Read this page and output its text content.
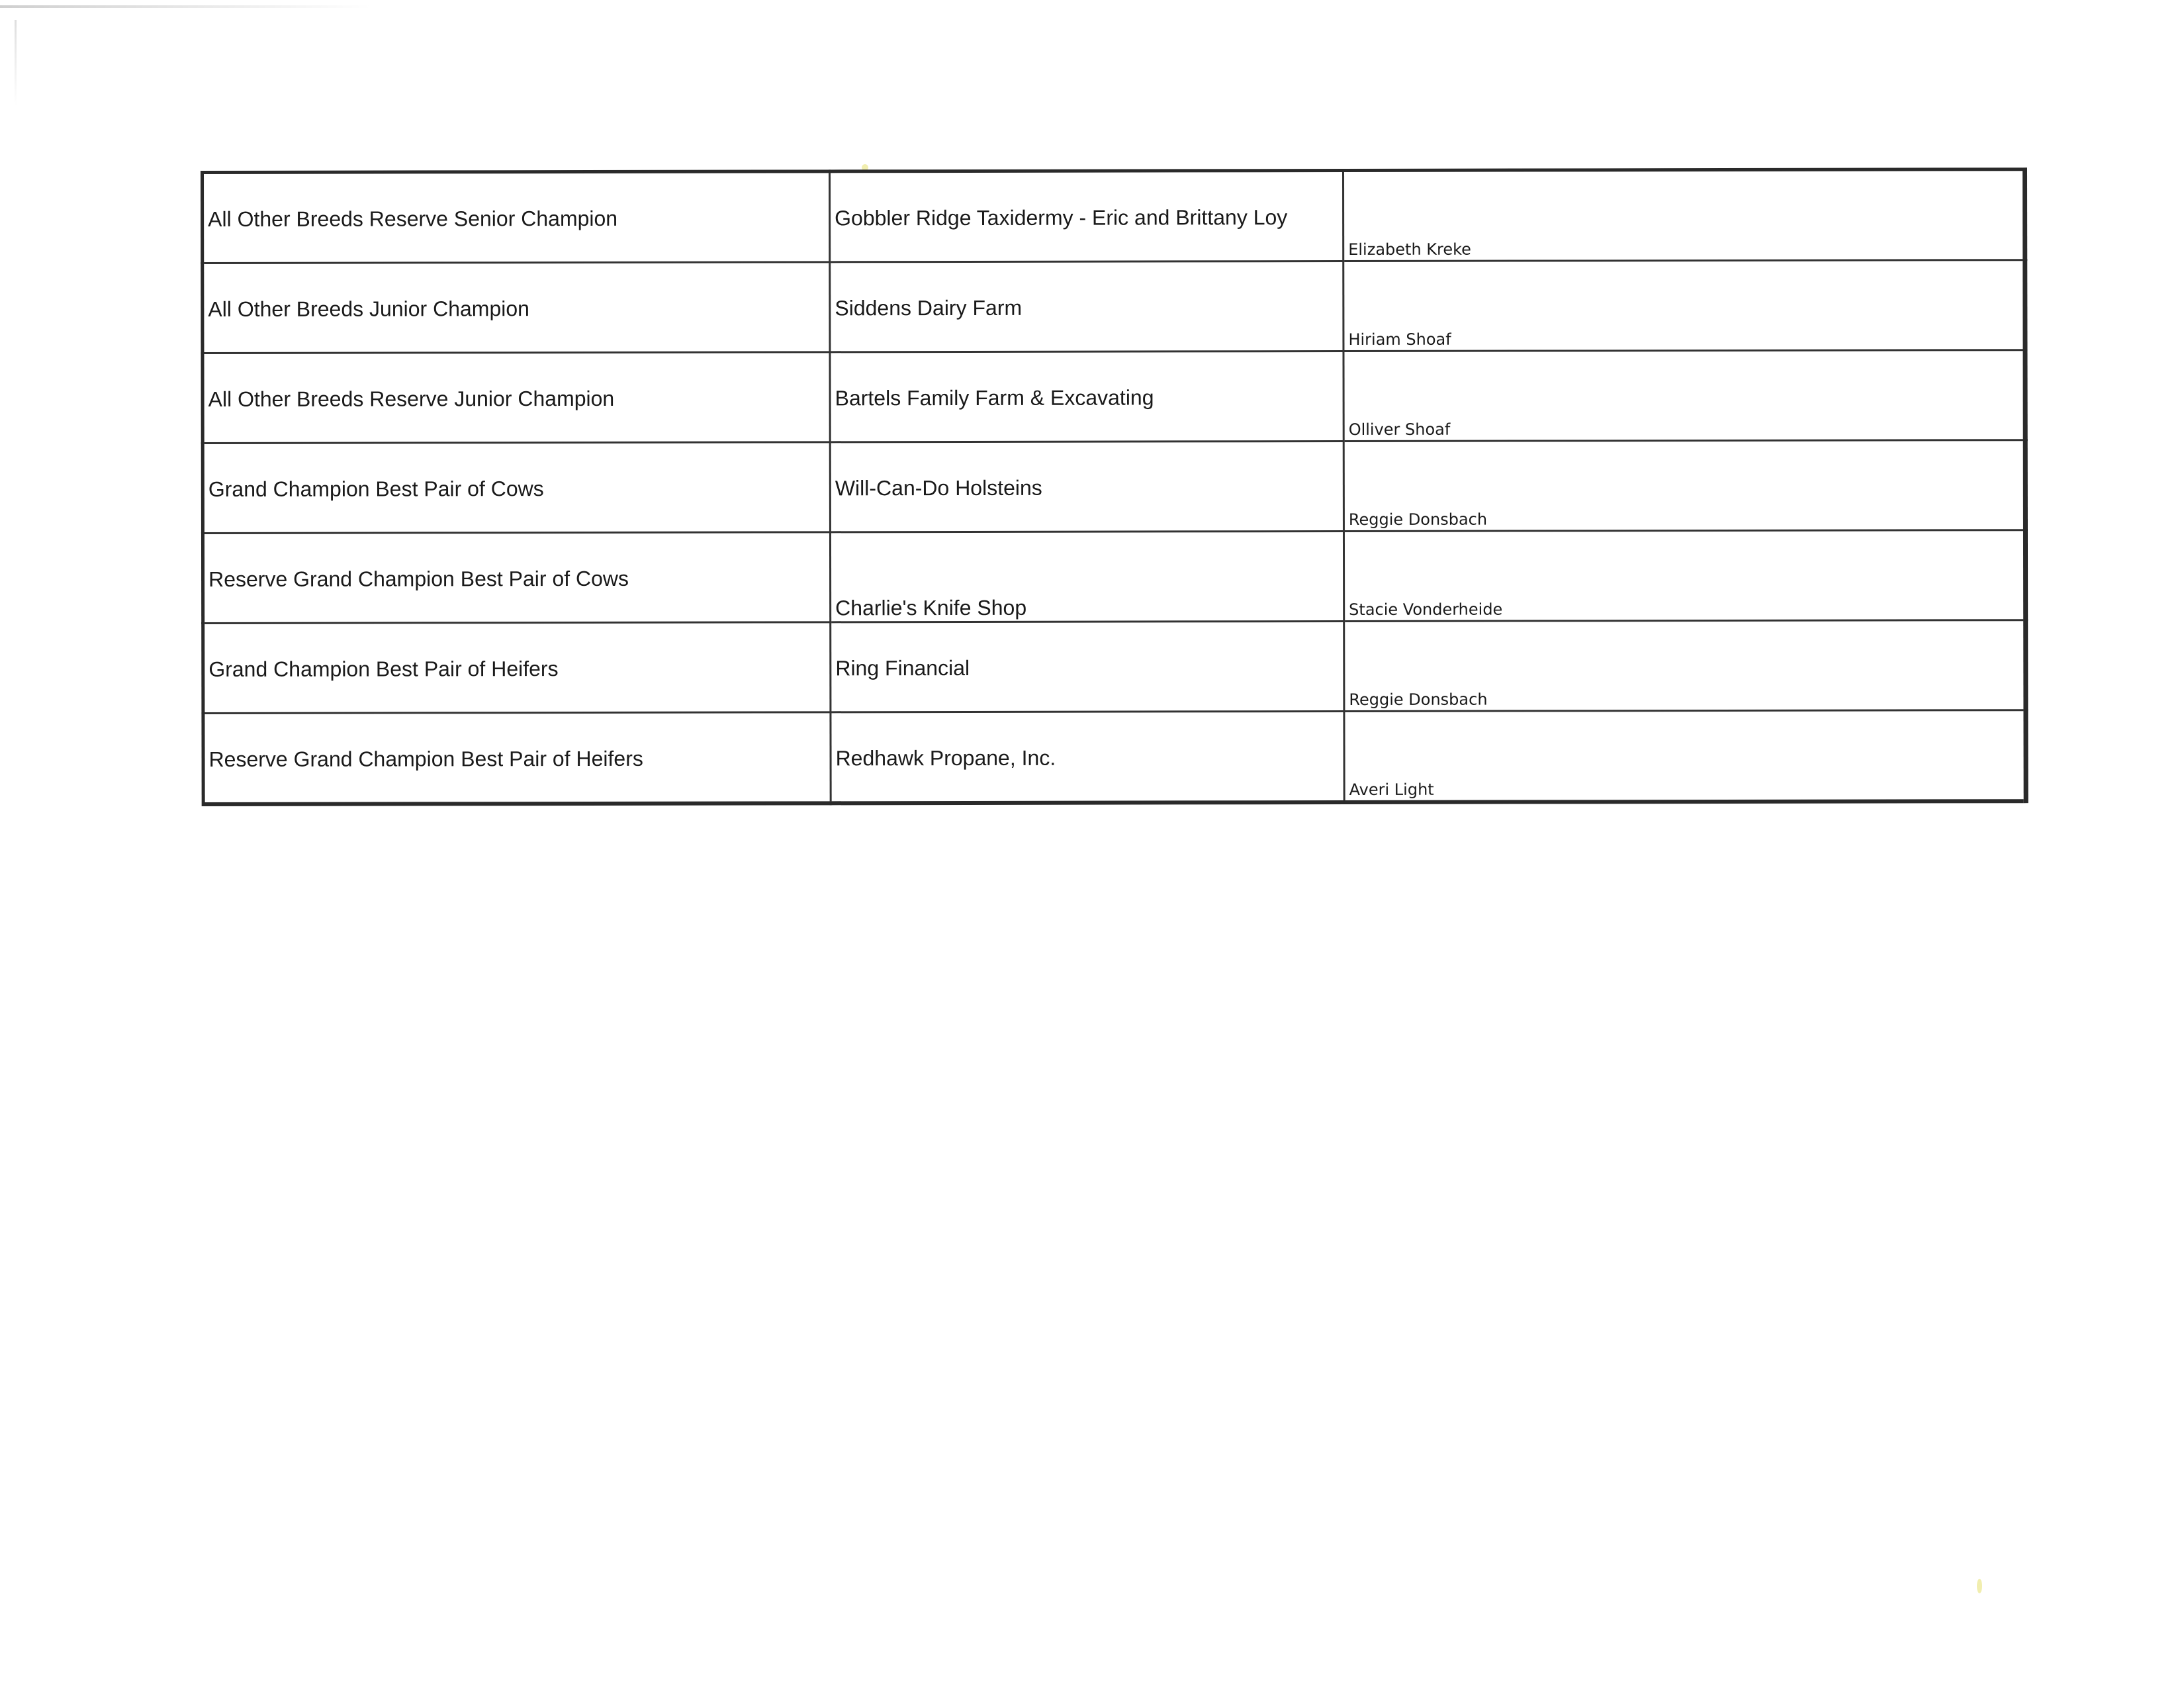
All Other Breeds Reserve Senior Champion	Gobbler Ridge Taxidermy - Eric and Brittany Loy	Elizabeth Kreke

All Other Breeds Junior Champion	Siddens Dairy Farm	Hiriam Shoaf

All Other Breeds Reserve Junior Champion	Bartels Family Farm & Excavating	Olliver Shoaf

Grand Champion Best Pair of Cows	Will-Can-Do Holsteins	Reggie Donsbach

Reserve Grand Champion Best Pair of Cows	Charlie's Knife Shop	Stacie Vonderheide

Grand Champion Best Pair of Heifers	Ring Financial	Reggie Donsbach

Reserve Grand Champion Best Pair of Heifers	Redhawk Propane, Inc.	Averi Light
